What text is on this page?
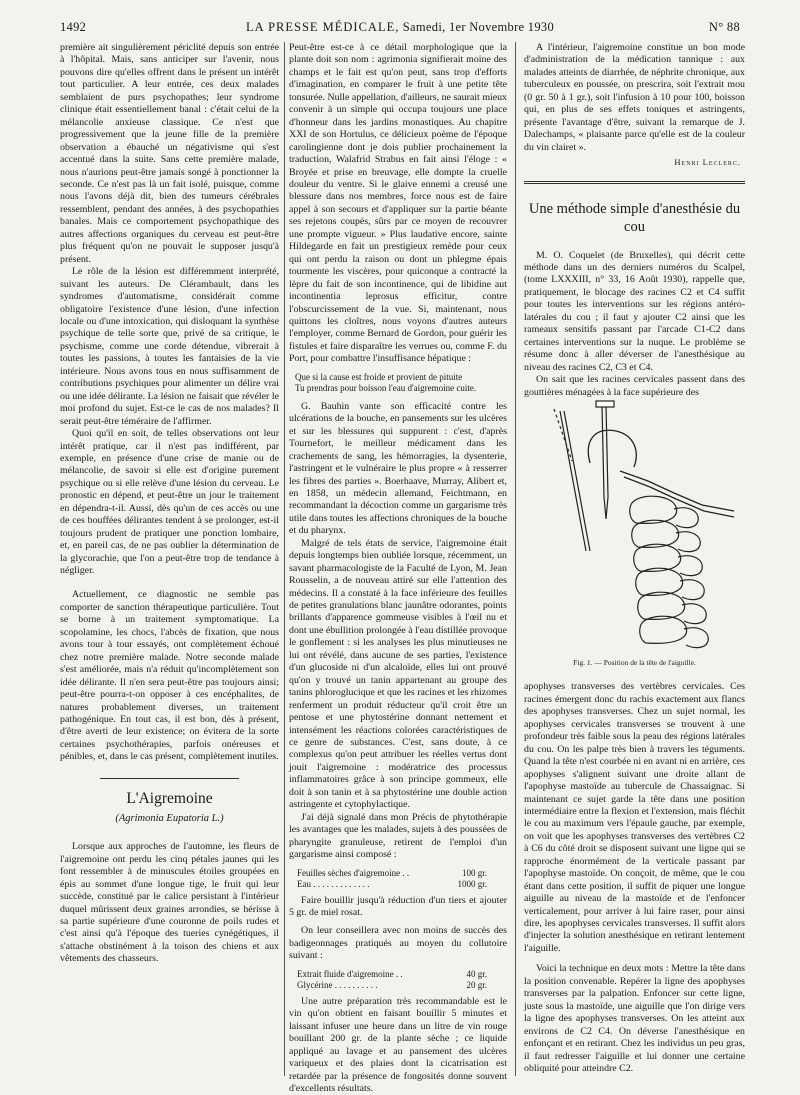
1492	LA PRESSE MÉDICALE, Samedi, 1er Novembre 1930	N° 88

première ait singulièrement périclité depuis son entrée à l'hôpital. Mais, sans anticiper sur l'avenir, nous pouvons dire qu'elles offrent dans le présent un intérêt tout particulier. A leur entrée, ces deux malades semblaient de purs psychopathes; leur syndrome clinique était essentiellement banal : c'était celui de la mélancolie anxieuse classique. Ce n'est que progressivement que la jeune fille de la première observation a ébauché un négativisme qui s'est accentué dans la suite. Sans cette première malade, nous n'aurions peut-être jamais songé à ponctionner la seconde. Ce n'est pas là un fait isolé, puisque, comme nous l'avons déjà dit, bien des tumeurs cérébrales ressemblent, pendant des années, à des psychopathies banales. Mais ce comportement psychopathique des autres affections organiques du cerveau est peut-être plus fréquent qu'on ne pouvait le supposer jusqu'à présent.

Le rôle de la lésion est différemment interprété, suivant les auteurs. De Clérambault, dans les syndromes d'automatisme, considérait comme obligatoire l'existence d'une lésion, d'une infection locale ou d'une intoxication, qui disloquant la synthèse psychique de telle sorte que, privé de sa critique, le psychisme, comme une corde détendue, vibrerait à toutes les passions, à toutes les fantaisies de la vie intérieure. Nous avons tous en nous suffisamment de contributions psychiques pour alimenter un délire vrai ou une idée délirante. La lésion ne faisait que révéler le moi profond du sujet. Est-ce le cas de nos malades? Il serait peut-être téméraire de l'affirmer.

Quoi qu'il en soit, de telles observations ont leur intérêt pratique, car il n'est pas indifférent, par exemple, en présence d'une crise de manie ou de mélancolie, de savoir si elle est d'origine purement psychique ou si elle relève d'une lésion du cerveau. Le pronostic en dépend, et peut-être un jour le traitement en dépendra-t-il. Aussi, dès qu'un de ces accès ou une de ces bouffées délirantes tendent à se prolonger, est-il toujours prudent de pratiquer une ponction lombaire, et, en pareil cas, de ne pas oublier la détermination de la glycorachie, que l'on a peut-être trop de tendance à négliger.

Actuellement, ce diagnostic ne semble pas comporter de sanction thérapeutique particulière. Tout se borne à un traitement symptomatique. La scopolamine, les chocs, l'abcès de fixation, que nous avons tour à tour essayés, ont complètement échoué chez notre première malade. Notre seconde malade s'est améliorée, mais n'a réduit qu'incomplètement son idée délirante. Il n'en sera peut-être pas toujours ainsi; peut-être pourra-t-on opposer à ces encéphalites, de natures probablement diverses, un traitement pathogénique. En tout cas, il est bon, dès à présent, d'être averti de leur existence; on évitera de la sorte certaines psychothérapies, parfois onéreuses et pénibles, et, dans le cas présent, complètement inutiles.

L'Aigremoine
(Agrimonia Eupatoria L.)

Lorsque aux approches de l'automne, les fleurs de l'aigremoine ont perdu les cinq pétales jaunes qui les font ressembler à de minuscules étoiles groupées en épis au sommet d'une longue tige, le fruit qui leur succède, constitué par le calice persistant à l'intérieur duquel mûrissent deux graines arrondies, se hérisse à sa partie supérieure d'une couronne de poils rudes et c'est ainsi qu'à l'époque des tueries cynégétiques, il s'attache obstinément à la toison des chiens et aux vêtements des chasseurs.

Peut-être est-ce à ce détail morphologique que la plante doit son nom : agrimonia signifierait moine des champs et le fait est qu'on peut, sans trop d'efforts d'imagination, en comparer le fruit à une petite tête tonsurée. Nulle appellation, d'ailleurs, ne saurait mieux convenir à un simple qui occupa toujours une place d'honneur dans les jardins monastiques. Au chapitre XXI de son Hortulus, ce délicieux poème de l'époque carolingienne dont je dois publier prochainement la traduction, Walafrid Strabus en fait ainsi l'éloge : « Broyée et prise en breuvage, elle dompte la cruelle douleur du ventre. Si le glaive ennemi a creusé une blessure dans nos membres, force nous est de faire appel à son secours et d'appliquer sur la partie béante ses rejetons coupés, sûrs par ce moyen de recouvrer une prompte vigueur. » Plus laudative encore, sainte Hildegarde en fait un prestigieux remède pour ceux qui ont perdu la raison ou dont un phlegme épais tourmente les viscères, pour quiconque a contracté la lèpre du fait de son incontinence, qui de libidine aut incontinentia leprosus efficitur, contre l'obscurcissement de la vue. Si, maintenant, nous quittons les cloîtres, nous voyons d'autres auteurs l'employer, comme Bernard de Gordon, pour guérir les fistules et faire disparaître les verrues ou, comme F. du Port, pour combattre l'insuffisance hépatique :

Que si la cause est froide et provient de pituite
Tu prendras pour boisson l'eau d'aigremoine cuite.

G. Bauhin vante son efficacité contre les ulcérations de la bouche, en pansements sur les ulcères et sur les blessures qui suppurent : c'est, d'après Tournefort, le meilleur médicament dans les crachements de sang, les hémorragies, la dysenterie, l'astringent et le vulnéraire le plus propre « à resserrer les fibres des parties ». Boerhaave, Murray, Alibert et, en 1858, un médecin allemand, Feichtmann, en recommandant la décoction comme un gargarisme très utile dans toutes les affections chroniques de la bouche et du pharynx.

Malgré de tels états de service, l'aigremoine était depuis longtemps bien oubliée lorsque, récemment, un savant pharmacologiste de la Faculté de Lyon, M. Jean Rousselin, a de nouveau attiré sur elle l'attention des médecins. Il a constaté à la face inférieure des feuilles de petites granulations blanc jaunâtre odorantes, points brillants d'apparence gommeuse visibles à l'œil nu et dont une ébullition prolongée à l'eau distillée provoque le gonflement : si les analyses les plus minutieuses ne lui ont révélé, dans aucune de ses parties, l'existence d'un glucoside ni d'un alcaloïde, elles lui ont prouvé qu'on y trouvé un tanin appartenant au groupe des tanins phloroglucique et que les racines et les rhizomes renferment un produit réducteur qu'il croit être un pentose et une phytostérine donnant nettement et intensément les réactions colorées caractéristiques de ce genre de substances. C'est, sans doute, à ce complexus qu'on peut attribuer les réelles vertus dont jouit l'aigremoine : modératrice des processus inflammatoires grâce à son principe gommeux, elle doit à son tanin et à sa phytostérine une double action astringente et cytophylactique.

J'ai déjà signalé dans mon Précis de phytothérapie les avantages que les malades, sujets à des poussées de pharyngite granuleuse, retirent de l'emploi d'un gargarisme ainsi composé :

Feuilles sèches d'aigremoine . .	100 gr.
Eau . . . . . . . . . . . . .	1000 gr.

Faire bouillir jusqu'à réduction d'un tiers et ajouter 5 gr. de miel rosat.

On leur conseillera avec non moins de succès des badigeonnages pratiqués au moyen du collutoire suivant :

Extrait fluide d'aigremoine . .	40 gr.
Glycérine . . . . . . . . . .	20 gr.

Une autre préparation très recommandable est le vin qu'on obtient en faisant bouillir 5 minutes et laissant infuser une heure dans un litre de vin rouge bouillant 200 gr. de la plante sèche ; ce liquide appliqué au lavage et au pansement des ulcères variqueux et des plaies dont la cicatrisation est retardée par la présence de fongosités donne souvent d'excellents résultats.

A l'intérieur, l'aigremoine constitue un bon mode d'administration de la médication tannique : aux malades atteints de diarrhée, de néphrite chronique, aux tuberculeux en poussée, on prescrira, soit l'extrait mou (0 gr. 50 à 1 gr.), soit l'infusion à 10 pour 100, boisson qui, en plus de ses effets toniques et astringents, présente l'avantage d'être, suivant la remarque de J. Dalechamps, « plaisante parce qu'elle est de la couleur du vin clairet ».

Henri Leclerc.
Une méthode simple d'anesthésie du cou

M. O. Coquelet (de Bruxelles), qui décrit cette méthode dans un des derniers numéros du Scalpel, (tome LXXXIII, n° 33, 16 Août 1930), rappelle que, pratiquement, le blocage des racines C2 et C4 suffit pour toutes les interventions sur les régions antéro-latérales du cou ; il faut y ajouter C2 ainsi que les rameaux sensitifs passant par l'arcade C1-C2 dans certaines interventions sur la nuque. Le problème se résume donc à aller déverser de l'anesthésique au niveau des racines C2, C3 et C4.

On sait que les racines cervicales passent dans des gouttières ménagées à la face supérieure des

Fig. 1. — Position de la tête de l'aiguille.

apophyses transverses des vertèbres cervicales. Ces racines émergent donc du rachis exactement aux flancs des apophyses transverses. Chez un sujet normal, les apophyses cervicales transverses se trouvent à une profondeur très faible sous la peau des régions latérales du cou. On les palpe très bien à travers les téguments. Quand la tête n'est courbée ni en avant ni en arrière, ces apophyses s'alignent suivant une droite allant de l'apophyse mastoïde au tubercule de Chassaignac. Si maintenant ce sujet garde la tête dans une position intermédiaire entre la flexion et l'extension, mais fléchit le cou au maximum vers l'épaule gauche, par exemple, on voit que les apophyses transverses des vertèbres C2 à C6 du côté droit se disposent suivant une ligne qui se rapproche énormément de la verticale passant par l'apophyse mastoïde. On conçoit, de même, que le cou étant dans cette position, il suffit de piquer une longue aiguille au niveau de la mastoïde et de l'enfoncer verticalement, pour arriver à lui faire raser, pour ainsi dire, les apophyses cervicales transverses. Il suffit alors d'injecter la solution anesthésique en retirant lentement l'aiguille.

Voici la technique en deux mots : Mettre la tête dans la position convenable. Repérer la ligne des apophyses transverses par la palpation. Enfoncer sur cette ligne, juste sous la mastoïde, une aiguille que l'on dirige vers la ligne des apophyses transverses. On les atteint aux environs de C2 C4. On déverse l'anesthésique en enfonçant et en retirant. Chez les individus un peu gras, il faut redresser l'aiguille et lui donner une certaine obliquité pour atteindre C2.
